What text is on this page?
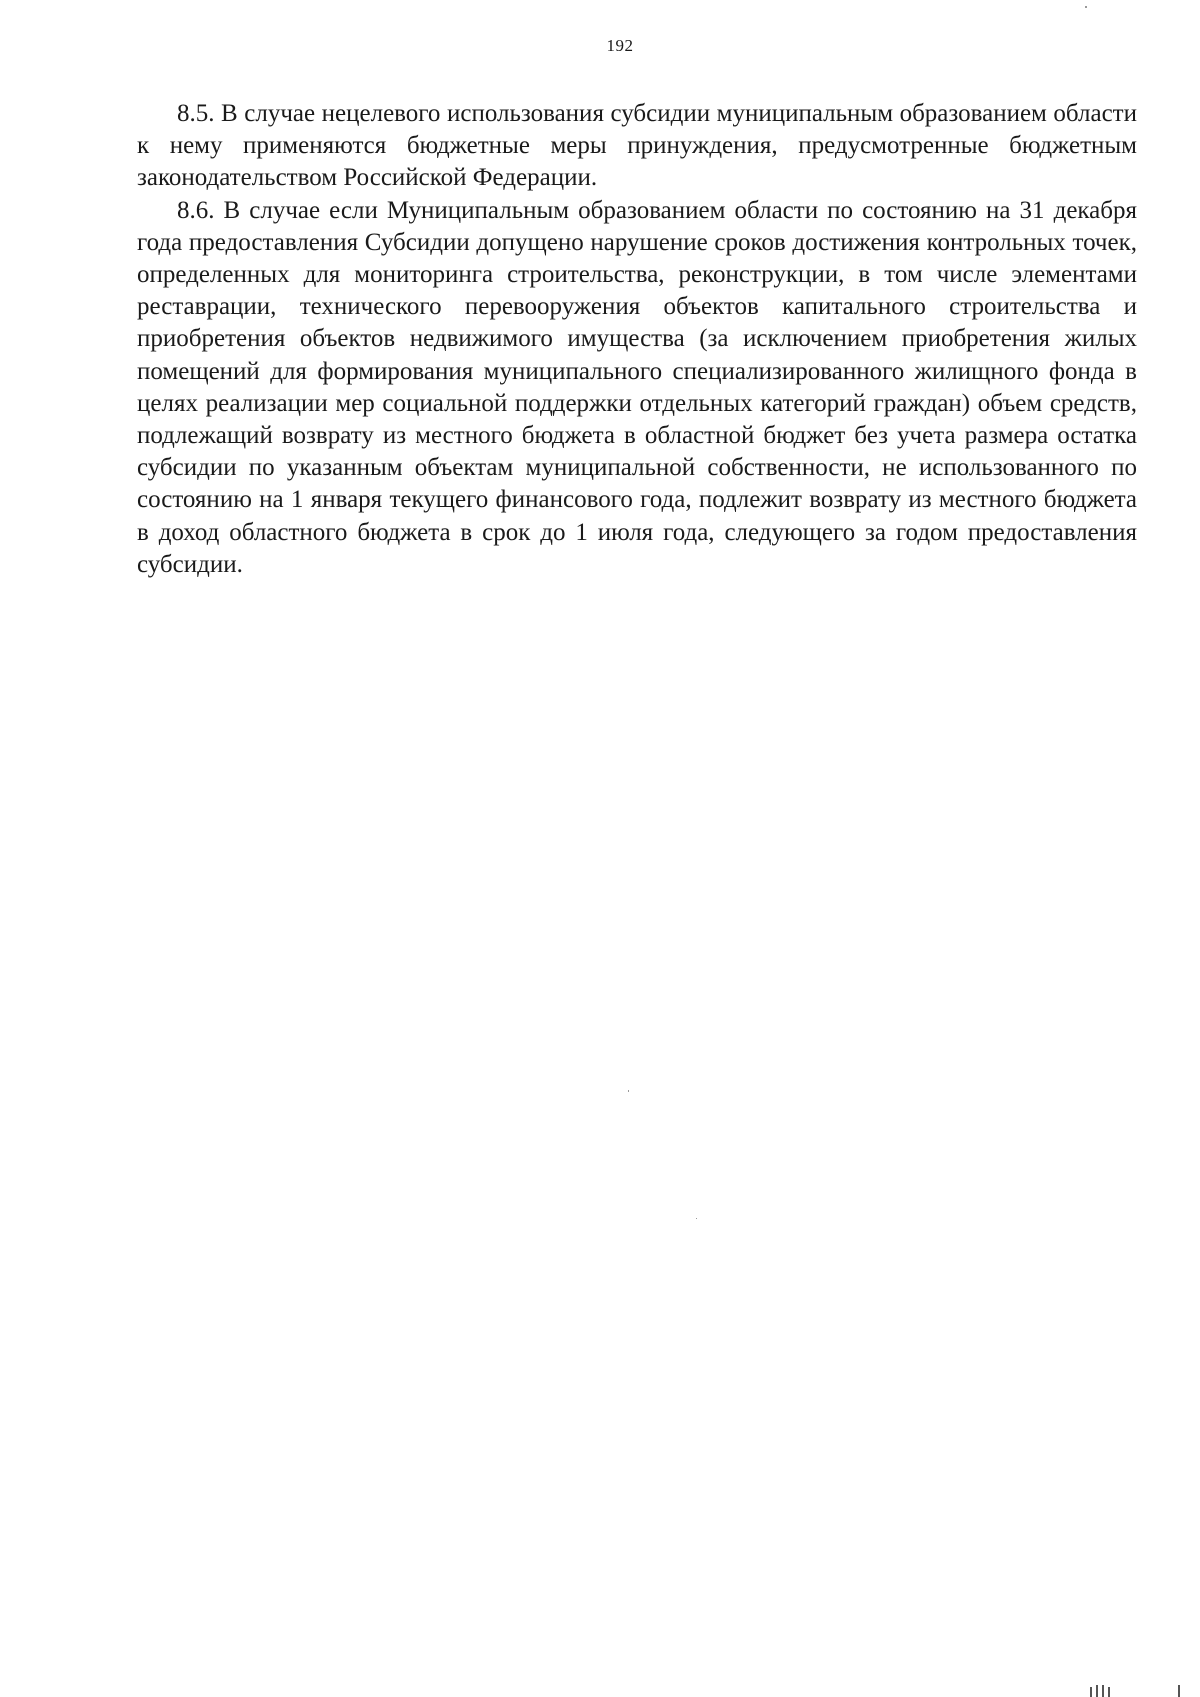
192

8.5. В случае нецелевого использования субсидии муниципальным образованием области к нему применяются бюджетные меры принуждения, предусмотренные бюджетным законодательством Российской Федерации.

8.6. В случае если Муниципальным образованием области по состоянию на 31 декабря года предоставления Субсидии допущено нарушение сроков достижения контрольных точек, определенных для мониторинга строительства, реконструкции, в том числе элементами реставрации, технического перевооружения объектов капитального строительства и приобретения объектов недвижимого имущества (за исключением приобретения жилых помещений для формирования муниципального специализированного жилищного фонда в целях реализации мер социальной поддержки отдельных категорий граждан) объем средств, подлежащий возврату из местного бюджета в областной бюджет без учета размера остатка субсидии по указанным объектам муниципальной собственности, не использованного по состоянию на 1 января текущего финансового года, подлежит возврату из местного бюджета в доход областного бюджета в срок до 1 июля года, следующего за годом предоставления субсидии.
